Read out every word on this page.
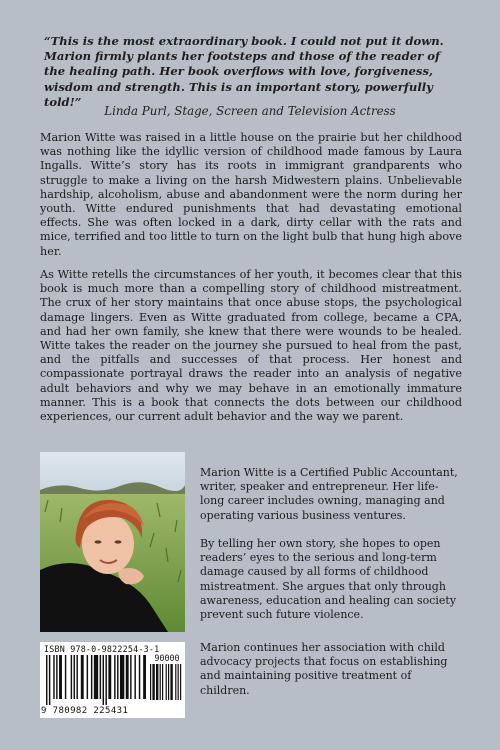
“This is the most extraordinary book. I could not put it down. Marion firmly plants her footsteps and those of the reader of the healing path. Her book overflows with love, forgiveness, wisdom and strength. This is an important story, powerfully told!”
Linda Purl, Stage, Screen and Television Actress
Marion Witte was raised in a little house on the prairie but her childhood was nothing like the idyllic version of childhood made famous by Laura Ingalls. Witte’s story has its roots in immigrant grandparents who struggle to make a living on the harsh Midwestern plains. Unbelievable hardship, alcoholism, abuse and abandonment were the norm during her youth. Witte endured punishments that had devastating emotional effects. She was often locked in a dark, dirty cellar with the rats and mice, terrified and too little to turn on the light bulb that hung high above her.
As Witte retells the circumstances of her youth, it becomes clear that this book is much more than a compelling story of childhood mistreatment. The crux of her story maintains that once abuse stops, the psychological damage lingers. Even as Witte graduated from college, became a CPA, and had her own family, she knew that there were wounds to be healed. Witte takes the reader on the journey she pursued to heal from the past, and the pitfalls and successes of that process. Her honest and compassionate portrayal draws the reader into an analysis of negative adult behaviors and why we may behave in an emotionally immature manner. This is a book that connects the dots between our childhood experiences, our current adult behavior and the way we parent.
Marion Witte is a Certified Public Accountant, writer, speaker and entrepreneur. Her life-long career includes owning, managing and operating various business ventures.
By telling her own story, she hopes to open readers’ eyes to the serious and long-term damage caused by all forms of childhood mistreatment. She argues that only through awareness, education and healing can society prevent such future violence.
Marion continues her association with child advocacy projects that focus on establishing and maintaining positive treatment of children.
ISBN 978-0-9822254-3-1
90000
9 780982 225431
